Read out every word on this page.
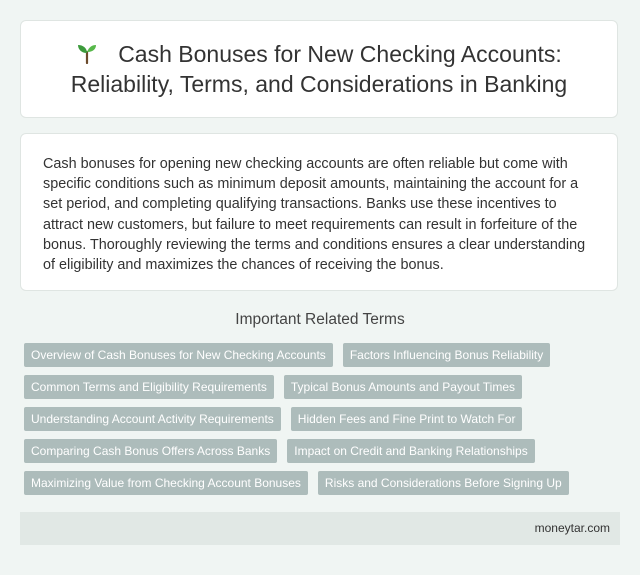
Cash Bonuses for New Checking Accounts: Reliability, Terms, and Considerations in Banking

Cash bonuses for opening new checking accounts are often reliable but come with specific conditions such as minimum deposit amounts, maintaining the account for a set period, and completing qualifying transactions. Banks use these incentives to attract new customers, but failure to meet requirements can result in forfeiture of the bonus. Thoroughly reviewing the terms and conditions ensures a clear understanding of eligibility and maximizes the chances of receiving the bonus.

Important Related Terms
Overview of Cash Bonuses for New Checking Accounts	Factors Influencing Bonus Reliability
Common Terms and Eligibility Requirements	Typical Bonus Amounts and Payout Times
Understanding Account Activity Requirements	Hidden Fees and Fine Print to Watch For
Comparing Cash Bonus Offers Across Banks	Impact on Credit and Banking Relationships
Maximizing Value from Checking Account Bonuses	Risks and Considerations Before Signing Up
moneytar.com
